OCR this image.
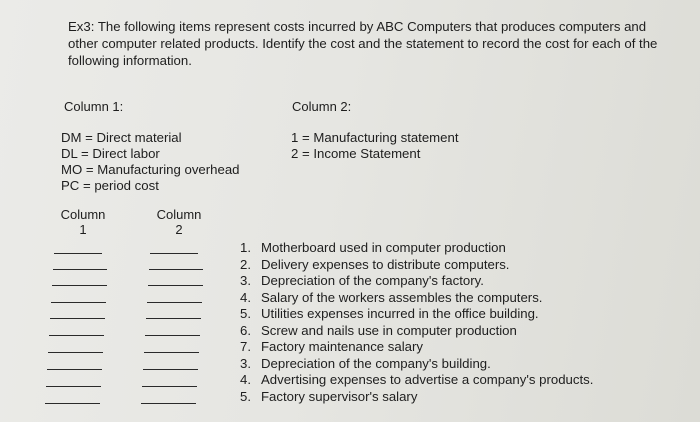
Ex3: The following items represent costs incurred by ABC Computers that produces computers and other computer related products. Identify the cost and the statement to record the cost for each of the following information.
Column 1:	Column 2:
DM = Direct material
DL = Direct labor
MO = Manufacturing overhead
PC = period cost
1 = Manufacturing statement
2 = Income Statement
Column
1
Column
2
1. Motherboard used in computer production
2. Delivery expenses to distribute computers.
3. Depreciation of the company's factory.
4. Salary of the workers assembles the computers.
5. Utilities expenses incurred in the office building.
6. Screw and nails use in computer production
7. Factory maintenance salary
3. Depreciation of the company's building.
4. Advertising expenses to advertise a company's products.
5. Factory supervisor's salary
